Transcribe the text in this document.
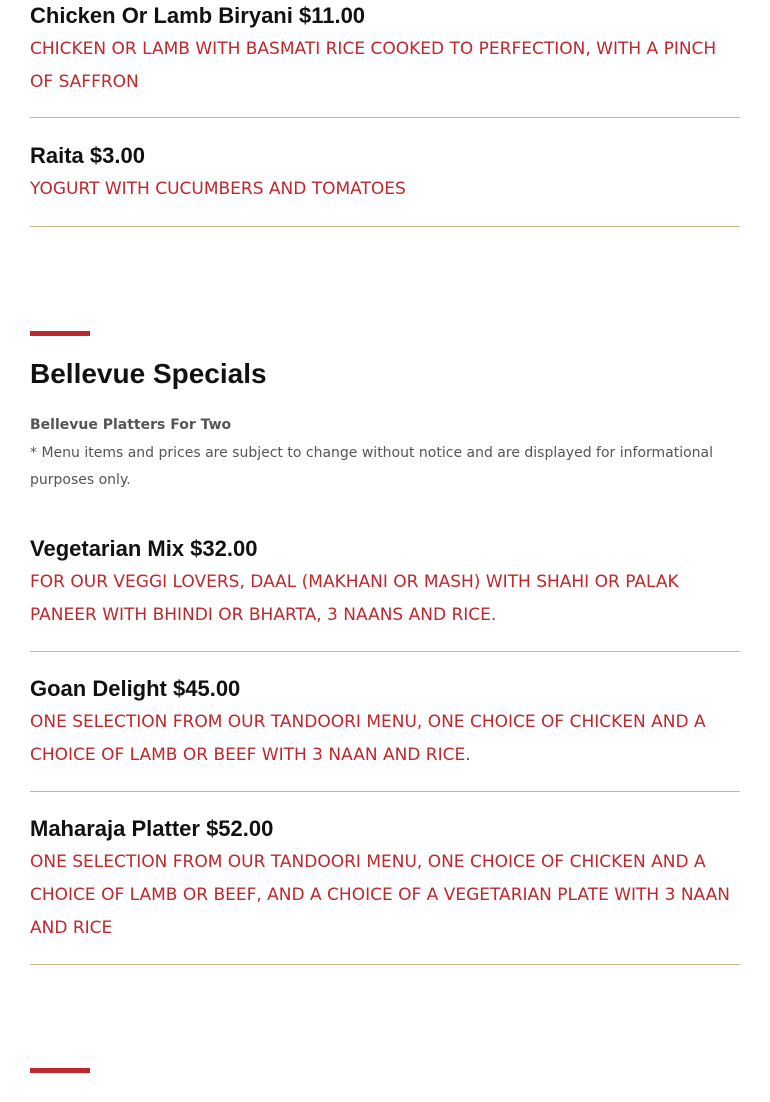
Chicken Or Lamb Biryani $11.00

CHICKEN OR LAMB WITH BASMATI RICE COOKED TO PERFECTION, WITH A PINCH OF SAFFRON

Raita $3.00

YOGURT WITH CUCUMBERS AND TOMATOES

Bellevue Specials

Bellevue Platters For Two

* Menu items and prices are subject to change without notice and are displayed for informational purposes only.

Vegetarian Mix $32.00

FOR OUR VEGGI LOVERS, DAAL (MAKHANI OR MASH) WITH SHAHI OR PALAK PANEER WITH BHINDI OR BHARTA, 3 NAANS AND RICE.

Goan Delight $45.00

ONE SELECTION FROM OUR TANDOORI MENU, ONE CHOICE OF CHICKEN AND A CHOICE OF LAMB OR BEEF WITH 3 NAAN AND RICE.

Maharaja Platter $52.00

ONE SELECTION FROM OUR TANDOORI MENU, ONE CHOICE OF CHICKEN AND A CHOICE OF LAMB OR BEEF, AND A CHOICE OF A VEGETARIAN PLATE WITH 3 NAAN AND RICE
